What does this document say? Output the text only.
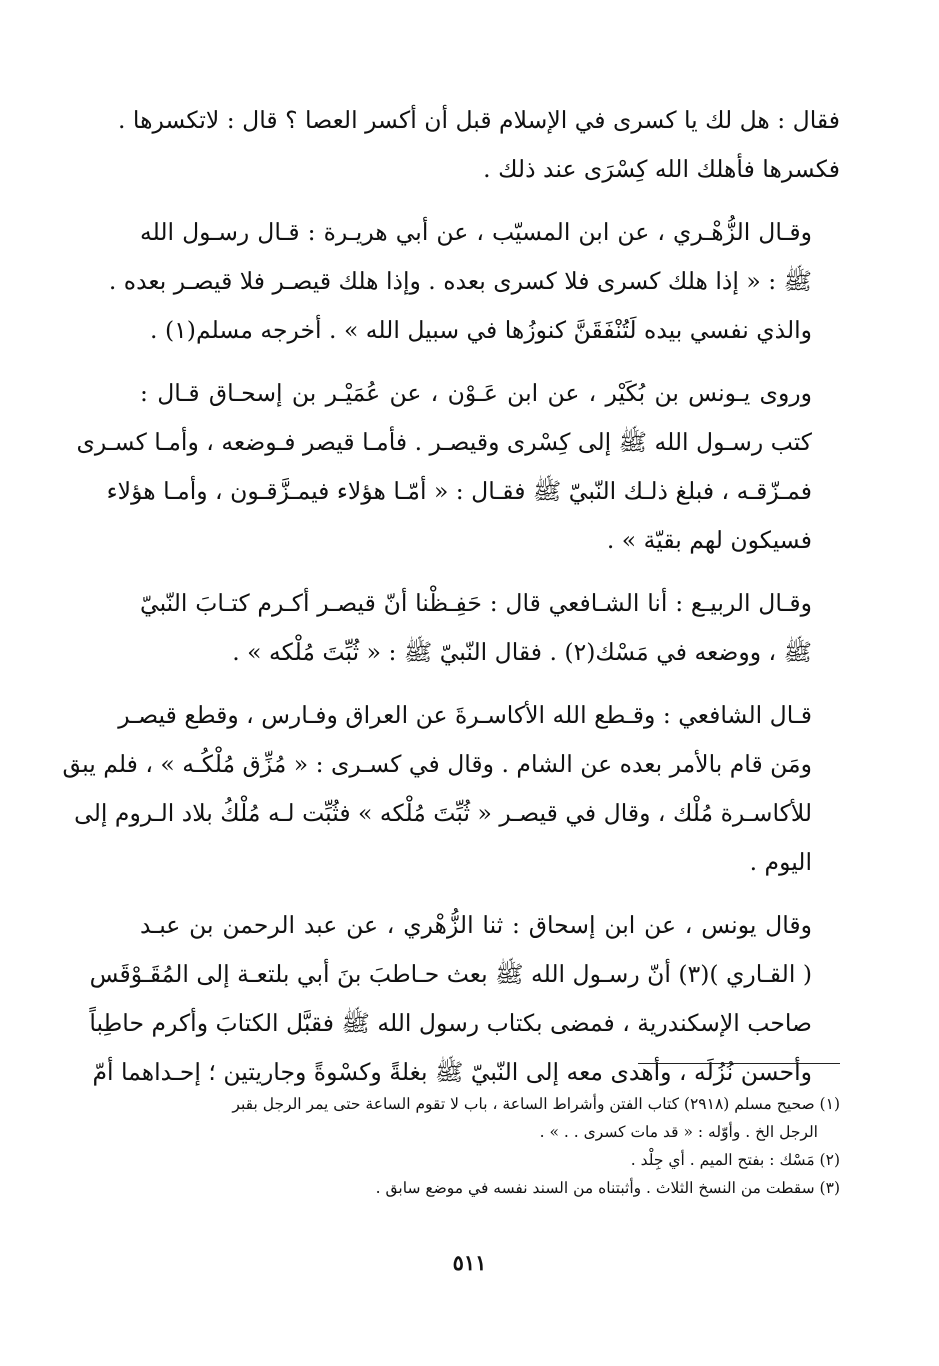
فقال : هل لك يا كسرى في الإسلام قبل أن أكسر العصا ؟ قال : لاتكسرها .
فكسرها فأهلك الله كِسْرَى عند ذلك .

وقـال الزُّهْـري ، عن ابن المسيّب ، عن أبي هريـرة : قـال رسـول الله
ﷺ : « إذا هلك كسرى فلا كسرى بعده . وإذا هلك قيصـر فلا قيصـر بعده .
والذي نفسي بيده لَتُنْفَقَنَّ كنوزُها في سبيل الله » . أخرجه مسلم(١) .

وروى يـونس بن بُكَيْر ، عن ابن عَـوْن ، عن عُمَيْـر بن إسحـاق قـال :
كتب رسـول الله ﷺ إلى كِسْرى وقيصـر . فأمـا قيصر فـوضعه ، وأمـا كسـرى
فمـزّقـه ، فبلغ ذلـك النّبيّ ﷺ فقـال : « أمّـا هؤلاء فيمـزَّقـون ، وأمـا هؤلاء
فسيكون لهم بقيّة » .

وقـال الربيـع : أنا الشـافعي قال : حَفِـظْنا أنّ قيصـر أكـرم كتـابَ النّبيّ
ﷺ ، ووضعه في مَسْك(٢) . فقال النّبيّ ﷺ : « ثُبِّتَ مُلْكه » .

قـال الشافعي : وقـطع الله الأكاسـرةَ عن العراق وفـارس ، وقطع قيصـر
ومَن قام بالأمر بعده عن الشام . وقال في كسـرى : « مُزِّق مُلْكُـه » ، فلم يبق
للأكاسـرة مُلْك ، وقال في قيصـر « ثُبِّتَ مُلْكه » فثُبِّت لـه مُلْكُ بلاد الـروم إلى
اليوم .

وقال يونس ، عن ابن إسحاق : ثنا الزُّهْري ، عن عبد الرحمن بن عبـد
( القـاري )(٣) أنّ رسـول الله ﷺ بعث حـاطبَ بنَ أبي بلتعـة إلى المُقَـوْقَس
صاحب الإسكندرية ، فمضى بكتاب رسول الله ﷺ فقبَّل الكتابَ وأكرم حاطِباً
وأحسن نُزُلَه ، وأهدى معه إلى النّبيّ ﷺ بغلةً وكسْوةً وجاريتين ؛ إحـداهما أمّ

(١) صحيح مسلم (٢٩١٨) كتاب الفتن وأشراط الساعة ، باب لا تقوم الساعة حتى يمر الرجل بقبر
الرجل الخ . وأوّله : « قد مات كسرى . . » .

(٢) مَسْك : بفتح الميم . أي جِلْد .

(٣) سقطت من النسخ الثلاث . وأثبتناه من السند نفسه في موضع سابق .

٥١١
